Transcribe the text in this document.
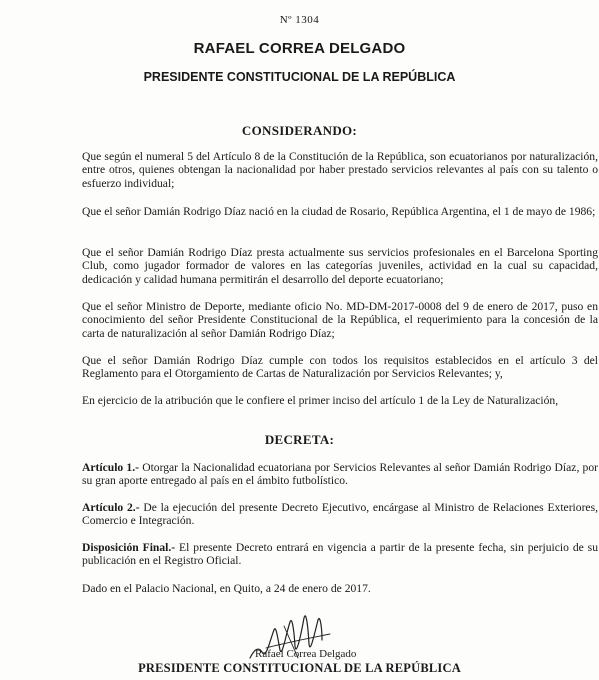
Nº 1304
RAFAEL CORREA DELGADO
PRESIDENTE CONSTITUCIONAL DE LA REPÚBLICA
CONSIDERANDO:

Que según el numeral 5 del Artículo 8 de la Constitución de la República, son ecuatorianos por naturalización, entre otros, quienes obtengan la nacionalidad por haber prestado servicios relevantes al país con su talento o esfuerzo individual;

Que el señor Damián Rodrigo Díaz nació en la ciudad de Rosario, República Argentina, el 1 de mayo de 1986;

Que el señor Damián Rodrigo Díaz presta actualmente sus servicios profesionales en el Barcelona Sporting Club, como jugador formador de valores en las categorías juveniles, actividad en la cual su capacidad, dedicación y calidad humana permitirán el desarrollo del deporte ecuatoriano;

Que el señor Ministro de Deporte, mediante oficio No. MD-DM-2017-0008 del 9 de enero de 2017, puso en conocimiento del señor Presidente Constitucional de la República, el requerimiento para la concesión de la carta de naturalización al señor Damián Rodrigo Díaz;

Que el señor Damián Rodrigo Díaz cumple con todos los requisitos establecidos en el artículo 3 del Reglamento para el Otorgamiento de Cartas de Naturalización por Servicios Relevantes; y,

En ejercicio de la atribución que le confiere el primer inciso del artículo 1 de la Ley de Naturalización,

DECRETA:

Artículo 1.- Otorgar la Nacionalidad ecuatoriana por Servicios Relevantes al señor Damián Rodrigo Díaz, por su gran aporte entregado al país en el ámbito futbolístico.

Artículo 2.- De la ejecución del presente Decreto Ejecutivo, encárgase al Ministro de Relaciones Exteriores, Comercio e Integración.

Disposición Final.- El presente Decreto entrará en vigencia a partir de la presente fecha, sin perjuicio de su publicación en el Registro Oficial.

Dado en el Palacio Nacional, en Quito, a 24 de enero de 2017.

Rafael Correa Delgado
PRESIDENTE CONSTITUCIONAL DE LA REPÚBLICA
